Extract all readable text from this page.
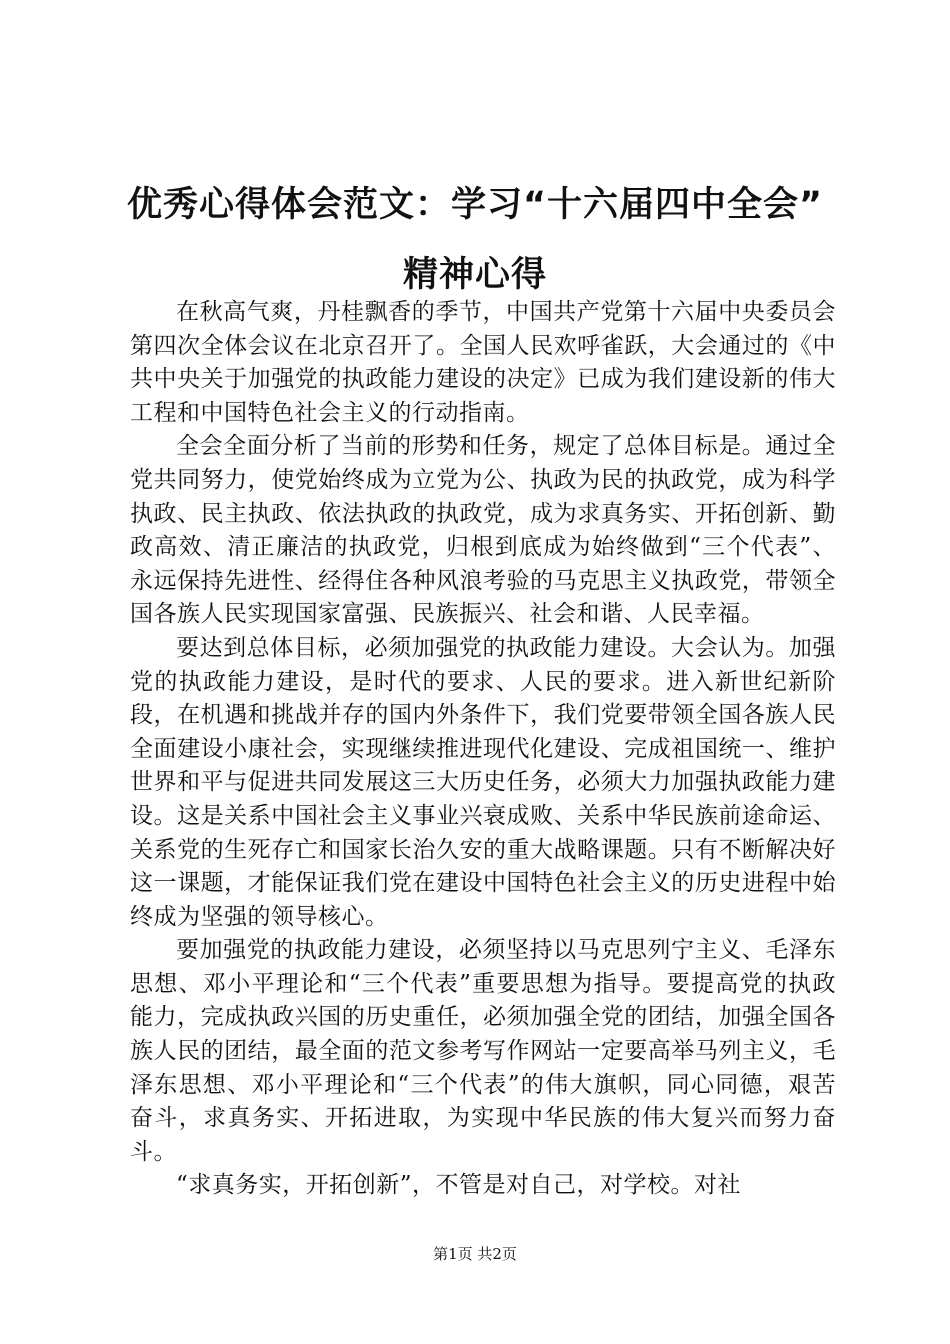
优秀心得体会范文：学习“十六届四中全会”
精神心得

在秋高气爽，丹桂飘香的季节，中国共产党第十六届中央委员会第四次全体会议在北京召开了。全国人民欢呼雀跃，大会通过的《中共中央关于加强党的执政能力建设的决定》已成为我们建设新的伟大工程和中国特色社会主义的行动指南。

全会全面分析了当前的形势和任务，规定了总体目标是。通过全党共同努力，使党始终成为立党为公、执政为民的执政党，成为科学执政、民主执政、依法执政的执政党，成为求真务实、开拓创新、勤政高效、清正廉洁的执政党，归根到底成为始终做到“三个代表”、永远保持先进性、经得住各种风浪考验的马克思主义执政党，带领全国各族人民实现国家富强、民族振兴、社会和谐、人民幸福。

要达到总体目标，必须加强党的执政能力建设。大会认为。加强党的执政能力建设，是时代的要求、人民的要求。进入新世纪新阶段，在机遇和挑战并存的国内外条件下，我们党要带领全国各族人民全面建设小康社会，实现继续推进现代化建设、完成祖国统一、维护世界和平与促进共同发展这三大历史任务，必须大力加强执政能力建设。这是关系中国社会主义事业兴衰成败、关系中华民族前途命运、关系党的生死存亡和国家长治久安的重大战略课题。只有不断解决好这一课题，才能保证我们党在建设中国特色社会主义的历史进程中始终成为坚强的领导核心。

要加强党的执政能力建设，必须坚持以马克思列宁主义、毛泽东思想、邓小平理论和“三个代表”重要思想为指导。要提高党的执政能力，完成执政兴国的历史重任，必须加强全党的团结，加强全国各族人民的团结，最全面的范文参考写作网站一定要高举马列主义，毛泽东思想、邓小平理论和“三个代表”的伟大旗帜，同心同德，艰苦奋斗，求真务实、开拓进取，为实现中华民族的伟大复兴而努力奋斗。

“求真务实，开拓创新”，不管是对自己，对学校。对社

第1页 共2页
